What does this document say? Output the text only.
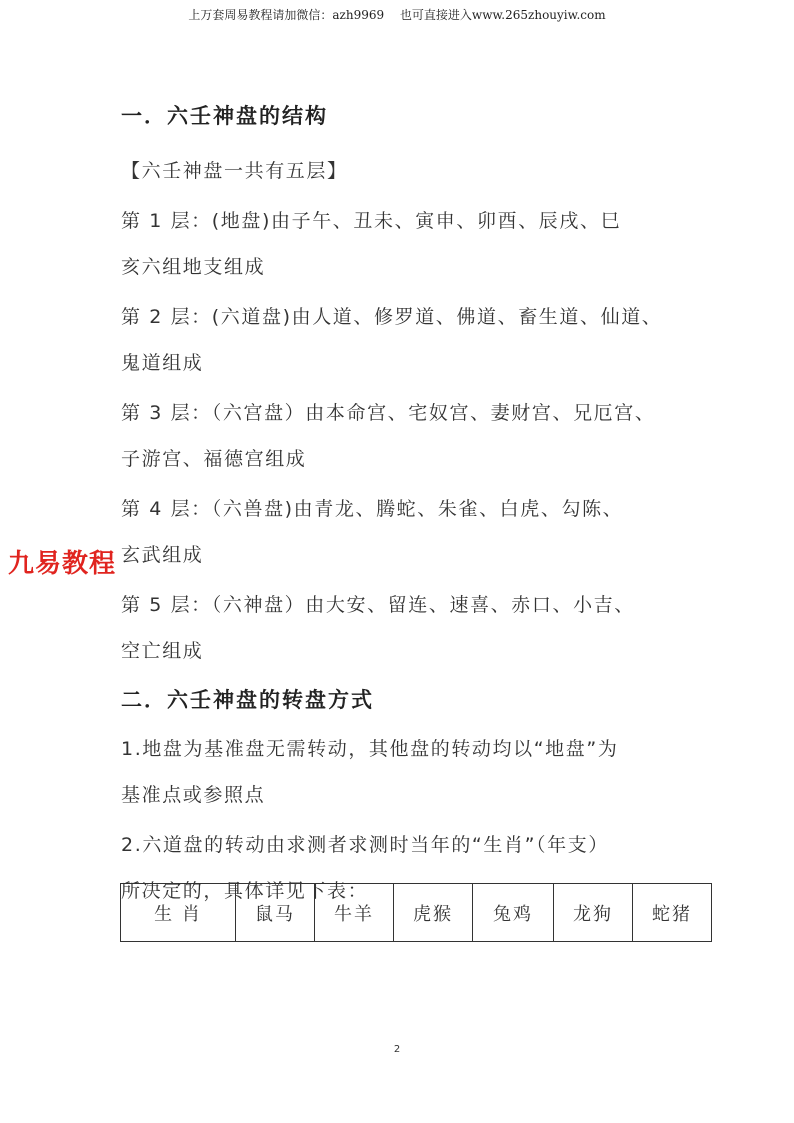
上万套周易教程请加微信：azh9969　 也可直接进入www.265zhouyiw.com
一．六壬神盘的结构

【六壬神盘一共有五层】

第 1 层：(地盘)由子午、丑未、寅申、卯酉、辰戌、巳

亥六组地支组成

第 2 层：(六道盘)由人道、修罗道、佛道、畜生道、仙道、

鬼道组成

第 3 层：（六宫盘）由本命宫、宅奴宫、妻财宫、兄厄宫、

子游宫、福德宫组成

第 4 层：（六兽盘)由青龙、腾蛇、朱雀、白虎、勾陈、

玄武组成

第 5 层：（六神盘）由大安、留连、速喜、赤口、小吉、

空亡组成

二．六壬神盘的转盘方式

1.地盘为基准盘无需转动，其他盘的转动均以“地盘”为

基准点或参照点

2.六道盘的转动由求测者求测时当年的“生肖”（年支）

所决定的，具体详见下表：

九易教程
生 肖	鼠马	牛羊	虎猴	兔鸡	龙狗	蛇猪
2
